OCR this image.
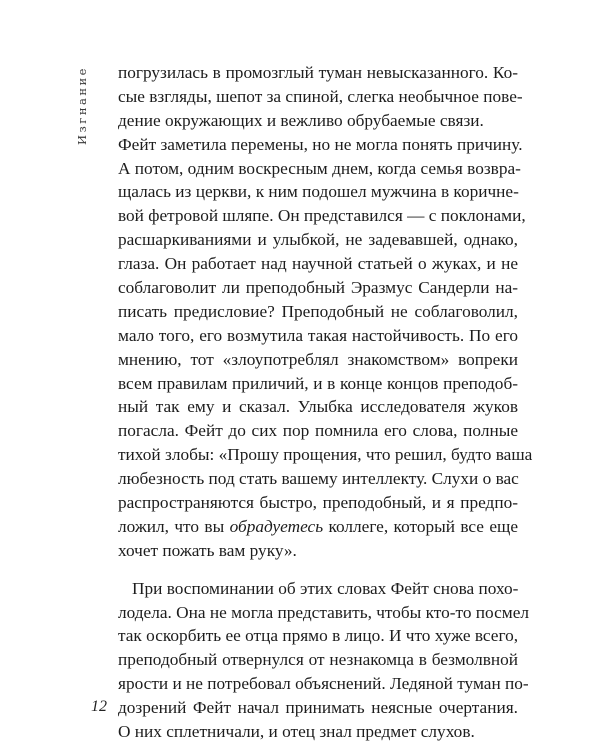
Изгнание погрузилась в промозглый туман невысказанного. Ко-
сые взгляды, шепот за спиной, слегка необычное пове-
дение окружающих и вежливо обрубаемые связи.
Фейт заметила перемены, но не могла понять причину.
А потом, одним воскресным днем, когда семья возвра-
щалась из церкви, к ним подошел мужчина в коричне-
вой фетровой шляпе. Он представился — с поклонами,
расшаркиваниями и улыбкой, не задевавшей, однако,
глаза. Он работает над научной статьей о жуках, и не
соблаговолит ли преподобный Эразмус Сандерли на-
писать предисловие? Преподобный не соблаговолил,
мало того, его возмутила такая настойчивость. По его
мнению, тот «злоупотреблял знакомством» вопреки
всем правилам приличий, и в конце концов преподоб-
ный так ему и сказал. Улыбка исследователя жуков
погасла. Фейт до сих пор помнила его слова, полные
тихой злобы: «Прошу прощения, что решил, будто ваша
любезность под стать вашему интеллекту. Слухи о вас
распространяются быстро, преподобный, и я предпо-
ложил, что вы обрадуетесь коллеге, который все еще
хочет пожать вам руку».
При воспоминании об этих словах Фейт снова похо-
лодела. Она не могла представить, чтобы кто-то посмел
так оскорбить ее отца прямо в лицо. И что хуже всего,
преподобный отвернулся от незнакомца в безмолвной
ярости и не потребовал объяснений. Ледяной туман по-
дозрений Фейт начал принимать неясные очертания.
О них сплетничали, и отец знал предмет слухов.
12
